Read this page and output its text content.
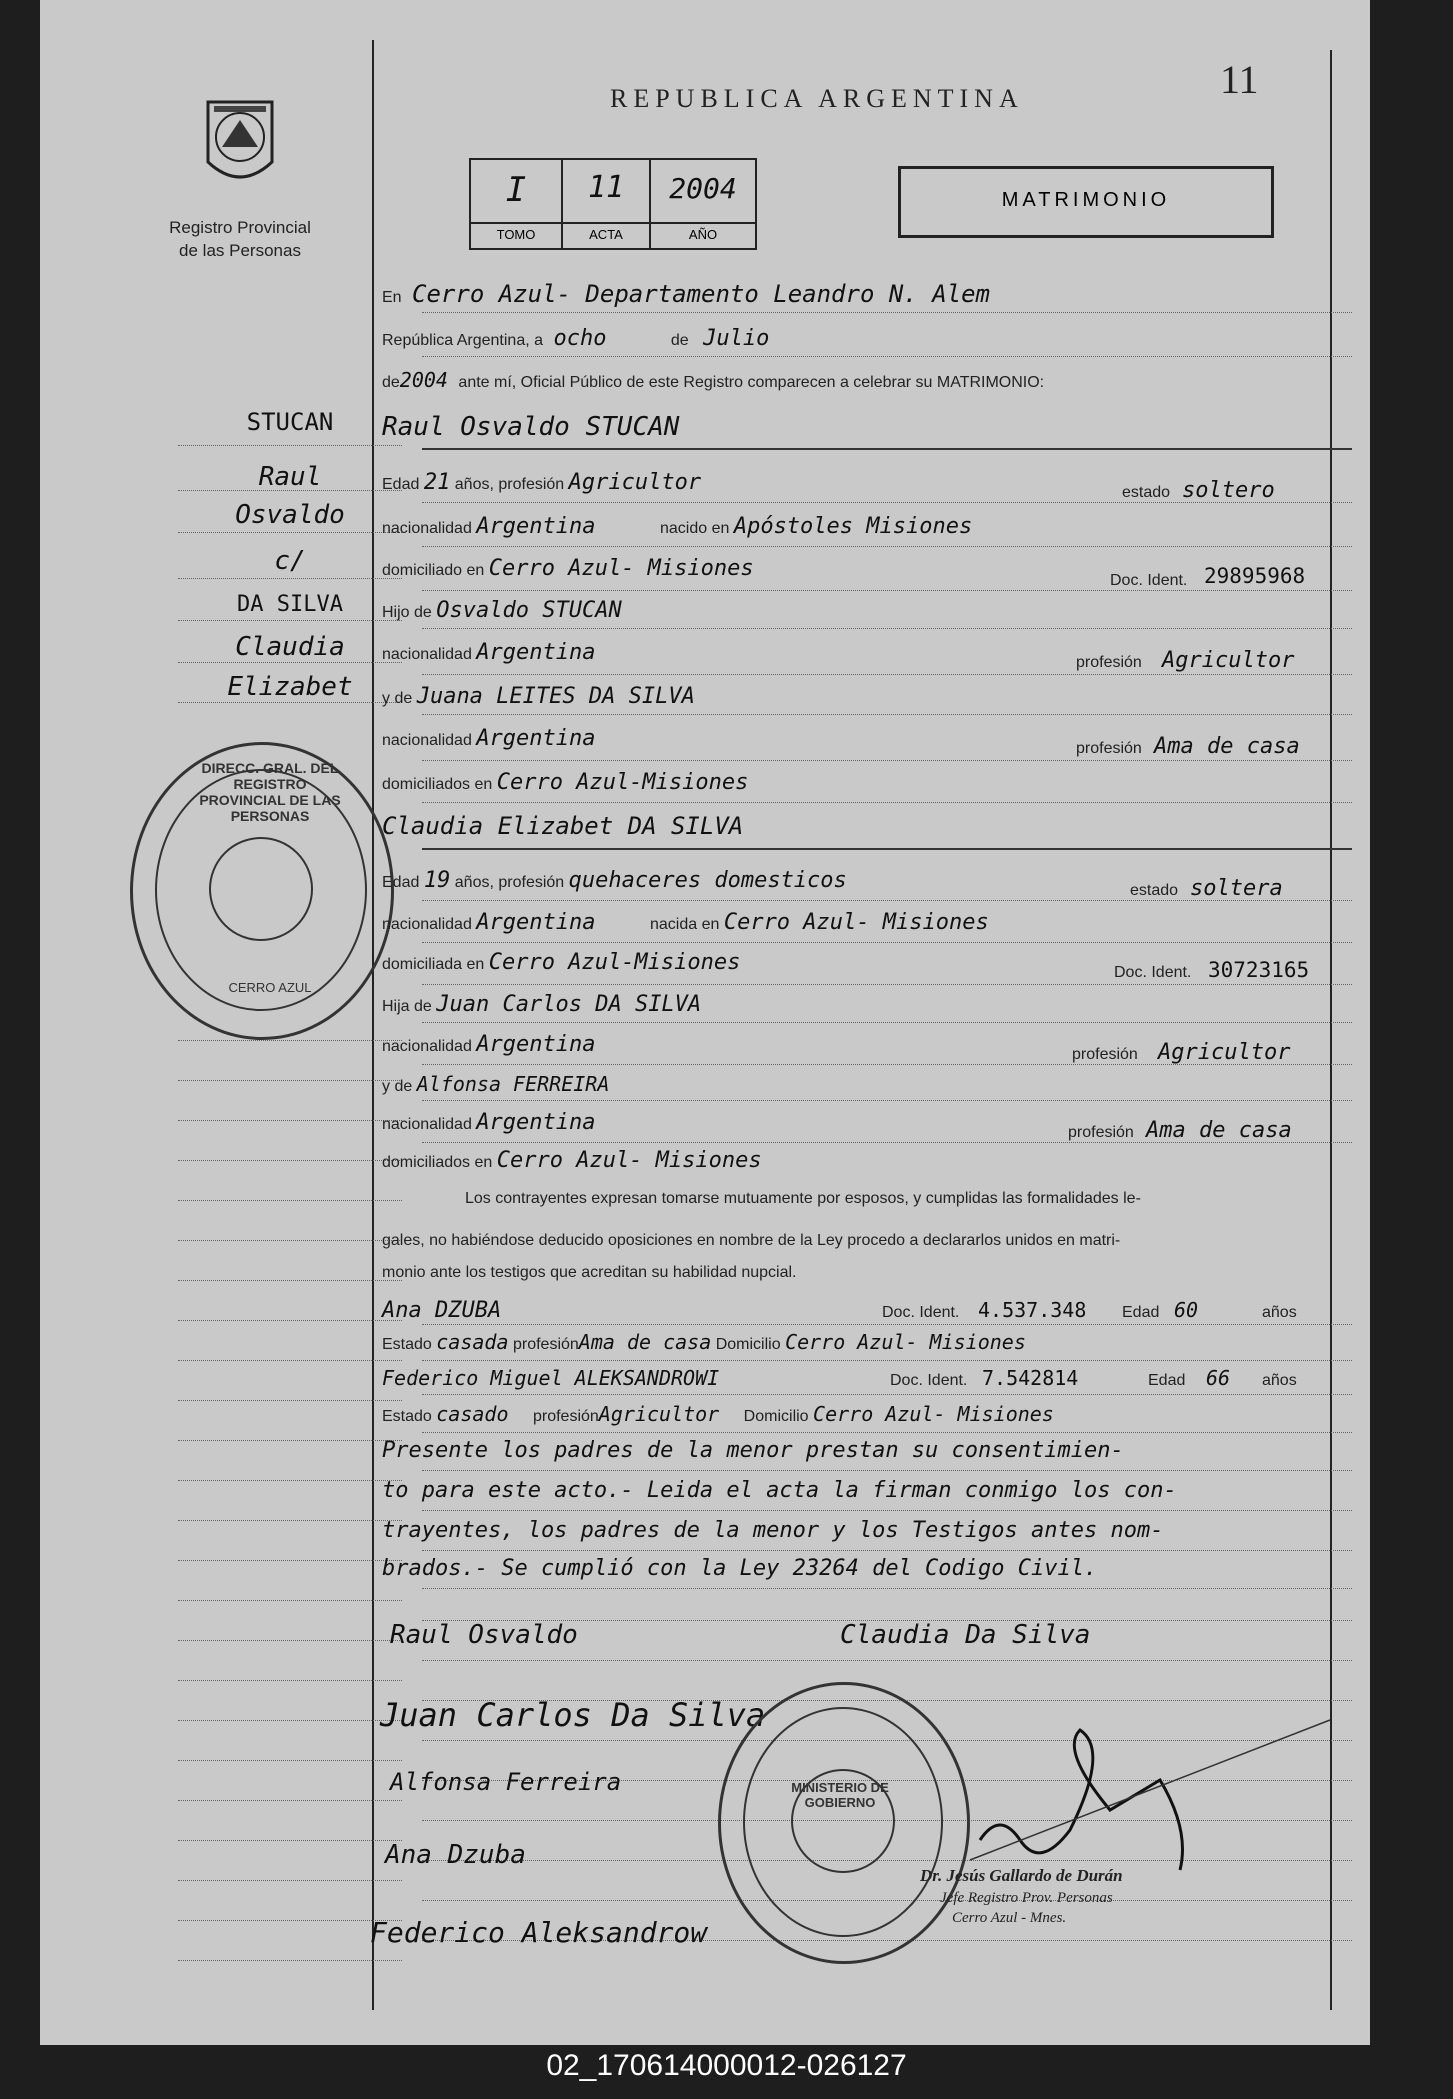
Registro Provincial
de las Personas
REPUBLICA ARGENTINA	11
I	11	2004
TOMO	ACTA	AÑO
MATRIMONIO
STUCAN
Raul
Osvaldo
c/
DA SILVA
Claudia
Elizabet
DIRECC. GRAL. DEL REGISTRO PROVINCIAL DE LAS PERSONAS
CERRO AZUL
En Cerro Azul- Departamento Leandro N. Alem
República Argentina, a ocho	de Julio
de2004 ante mí, Oficial Público de este Registro comparecen a celebrar su MATRIMONIO:
Raul Osvaldo STUCAN
Edad 21 años, profesión Agricultor	estado soltero
nacionalidad Argentina	nacido en Apóstoles Misiones
domiciliado en Cerro Azul- Misiones	Doc. Ident. 29895968
Hijo de Osvaldo STUCAN
nacionalidad Argentina	profesión Agricultor
y de Juana LEITES DA SILVA
nacionalidad Argentina	profesión Ama de casa
domiciliados en Cerro Azul-Misiones
Claudia Elizabet DA SILVA
Edad 19 años, profesión quehaceres domesticos	estado soltera
nacionalidad Argentina	nacida en Cerro Azul- Misiones
domiciliada en Cerro Azul-Misiones	Doc. Ident. 30723165
Hija de Juan Carlos DA SILVA
nacionalidad Argentina	profesión Agricultor
y de Alfonsa FERREIRA
nacionalidad Argentina	profesión Ama de casa
domiciliados en Cerro Azul- Misiones
Los contrayentes expresan tomarse mutuamente por esposos, y cumplidas las formalidades le-
gales, no habiéndose deducido oposiciones en nombre de la Ley procedo a declararlos unidos en matri-
monio ante los testigos que acreditan su habilidad nupcial.
Ana DZUBA	Doc. Ident. 4.537.348 Edad 60	años
Estado casada profesiónAma de casa Domicilio Cerro Azul- Misiones
Federico Miguel ALEKSANDROWI	Doc. Ident. 7.542814	Edad 66 años
Estado casado profesiónAgricultor Domicilio Cerro Azul- Misiones
Presente los padres de la menor prestan su consentimien-
to para este acto.- Leida el acta la firman conmigo los con-
trayentes, los padres de la menor y los Testigos antes nom-
brados.- Se cumplió con la Ley 23264 del Codigo Civil.
Raul Osvaldo	Claudia Da Silva
Juan Carlos Da Silva
Alfonsa Ferreira
Ana Dzuba
Federico Aleksandrow
MINISTERIO DE GOBIERNO
Dr. Jesús Gallardo de Durán
Jefe Registro Prov. Personas
Cerro Azul - Mnes.
02_170614000012-026127
